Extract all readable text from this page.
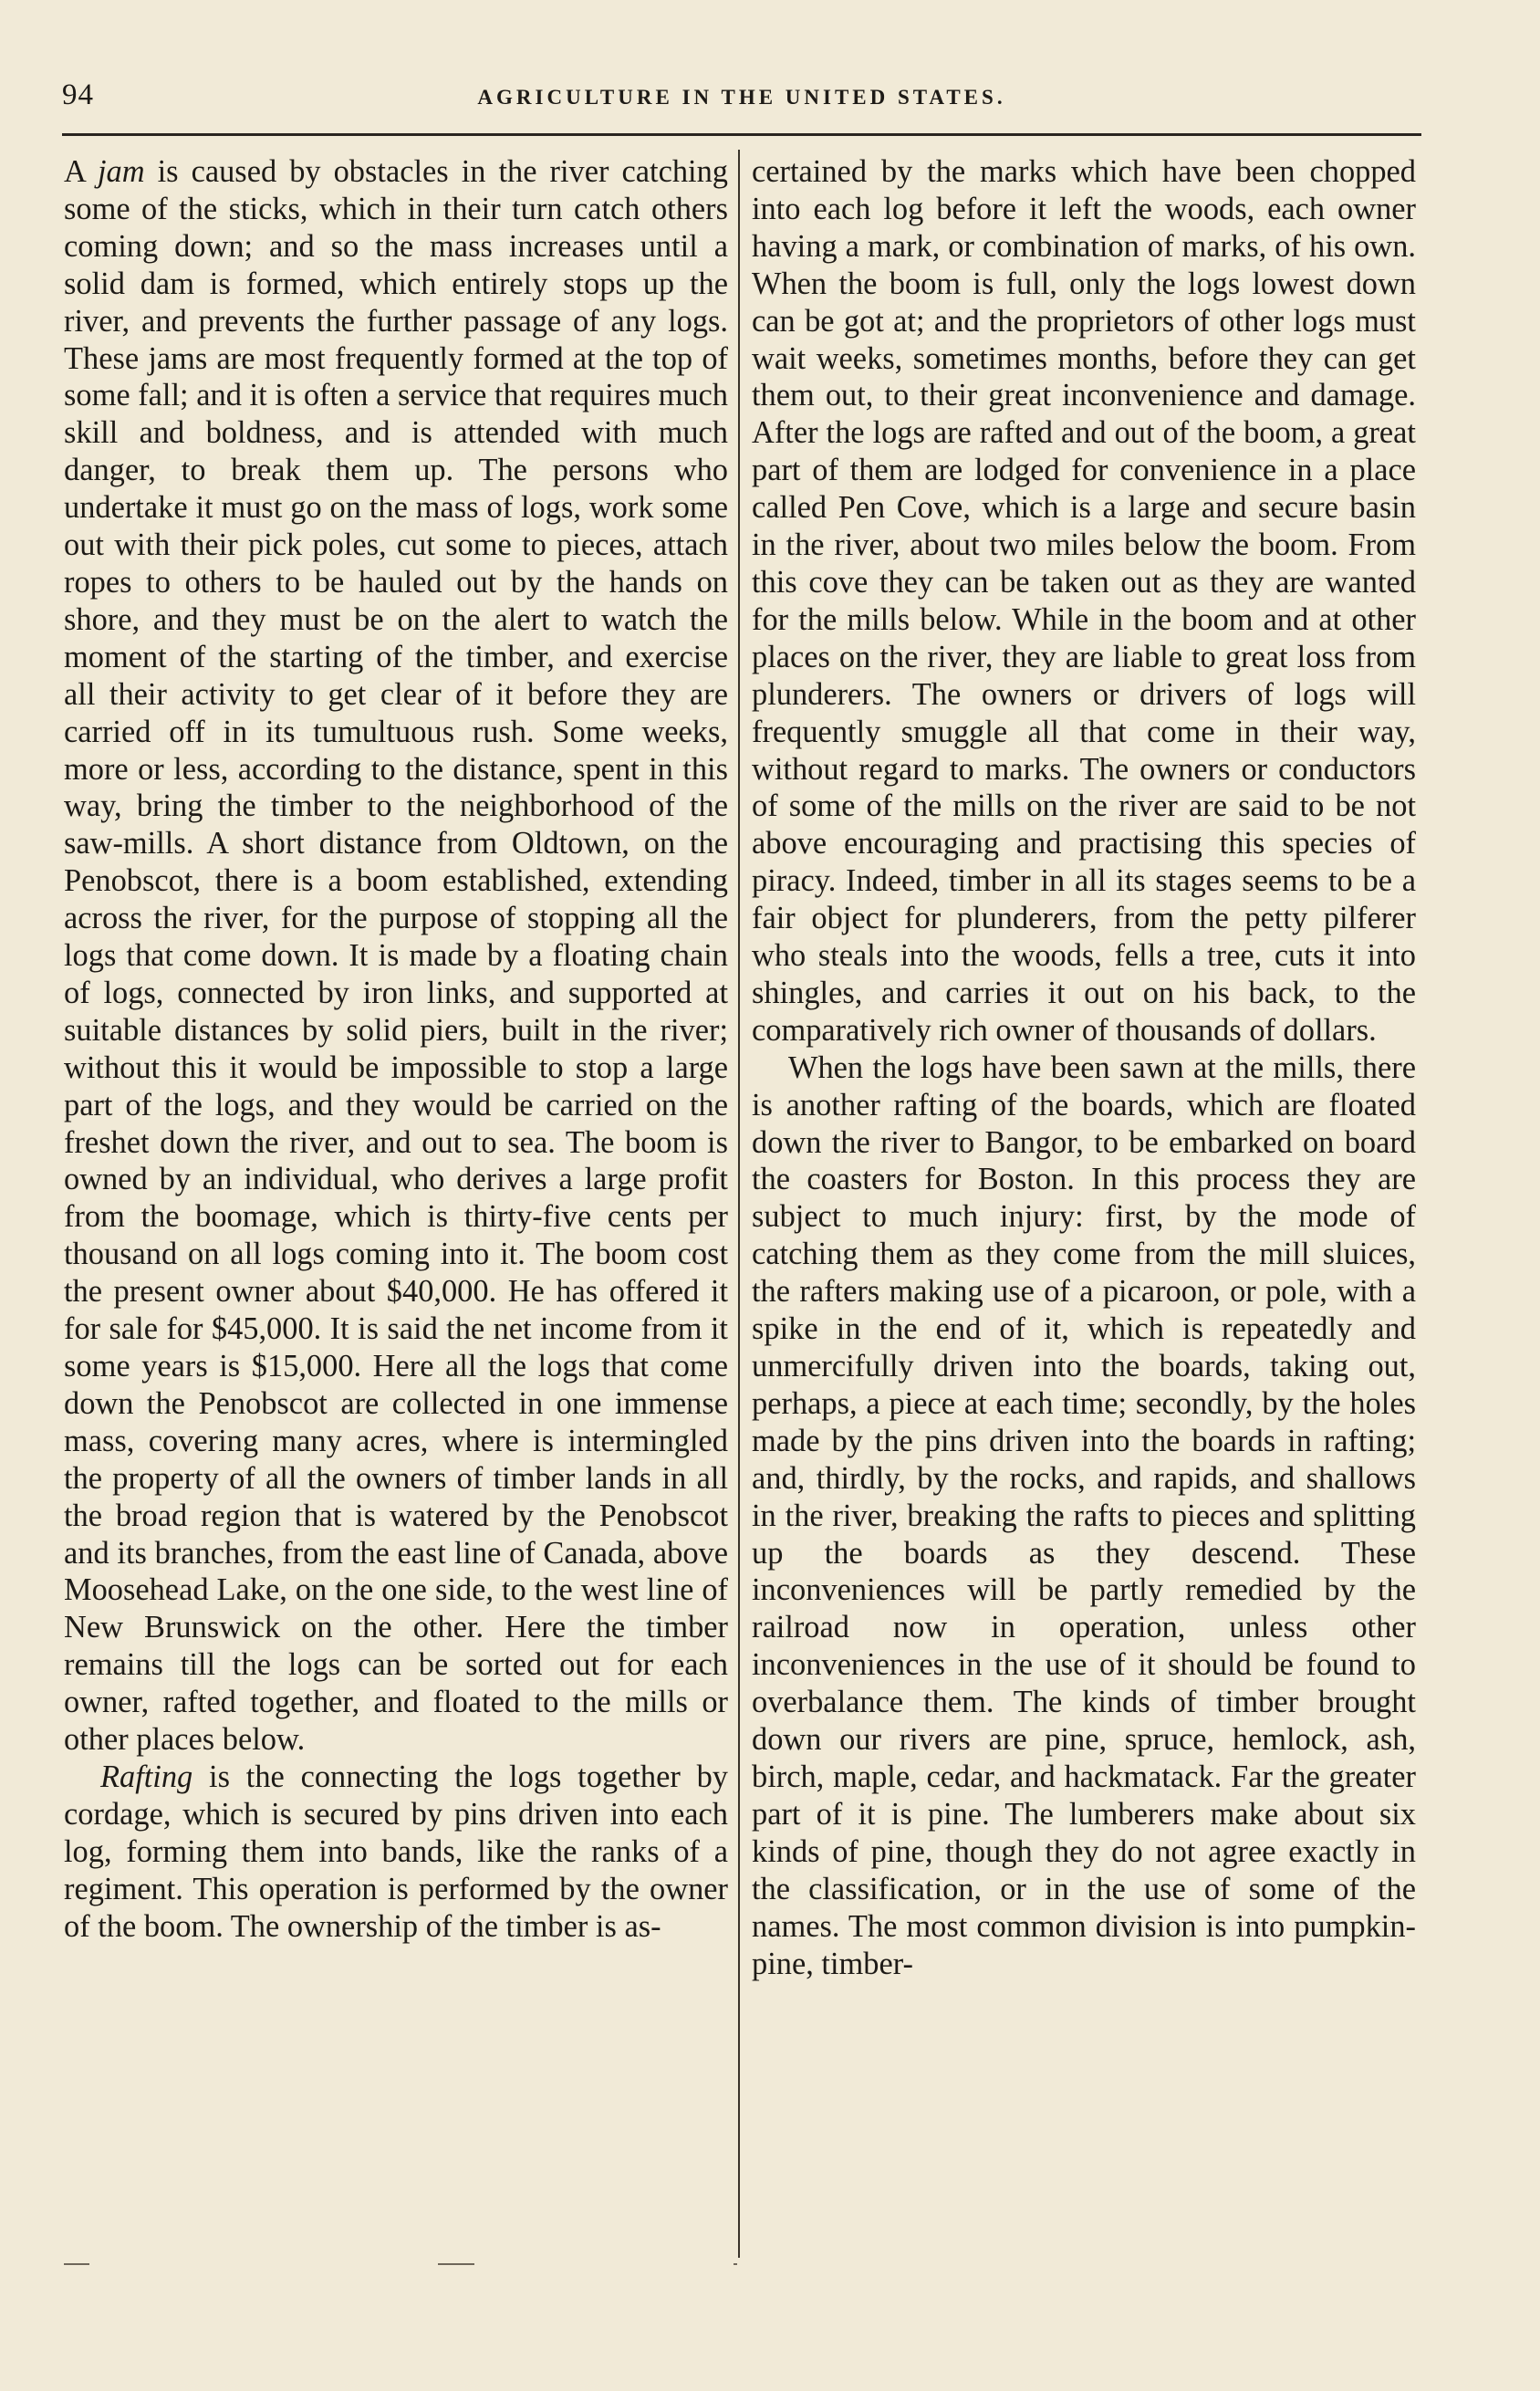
94	AGRICULTURE IN THE UNITED STATES.

A jam is caused by obstacles in the river catching some of the sticks, which in their turn catch others coming down; and so the mass increases until a solid dam is formed, which entirely stops up the river, and prevents the further passage of any logs. These jams are most frequently formed at the top of some fall; and it is often a service that requires much skill and boldness, and is attended with much danger, to break them up. The persons who undertake it must go on the mass of logs, work some out with their pick poles, cut some to pieces, attach ropes to others to be hauled out by the hands on shore, and they must be on the alert to watch the moment of the starting of the timber, and exercise all their activity to get clear of it before they are carried off in its tumultuous rush. Some weeks, more or less, according to the distance, spent in this way, bring the timber to the neighborhood of the saw-mills. A short distance from Oldtown, on the Penobscot, there is a boom established, extending across the river, for the purpose of stopping all the logs that come down. It is made by a floating chain of logs, connected by iron links, and supported at suitable distances by solid piers, built in the river; without this it would be impossible to stop a large part of the logs, and they would be carried on the freshet down the river, and out to sea. The boom is owned by an individual, who derives a large profit from the boomage, which is thirty-five cents per thousand on all logs coming into it. The boom cost the present owner about $40,000. He has offered it for sale for $45,000. It is said the net income from it some years is $15,000. Here all the logs that come down the Penobscot are collected in one immense mass, covering many acres, where is intermingled the property of all the owners of timber lands in all the broad region that is watered by the Penobscot and its branches, from the east line of Canada, above Moosehead Lake, on the one side, to the west line of New Brunswick on the other. Here the timber remains till the logs can be sorted out for each owner, rafted together, and floated to the mills or other places below.

Rafting is the connecting the logs together by cordage, which is secured by pins driven into each log, forming them into bands, like the ranks of a regiment. This operation is performed by the owner of the boom. The ownership of the timber is as-

certained by the marks which have been chopped into each log before it left the woods, each owner having a mark, or combination of marks, of his own. When the boom is full, only the logs lowest down can be got at; and the proprietors of other logs must wait weeks, sometimes months, before they can get them out, to their great inconvenience and damage. After the logs are rafted and out of the boom, a great part of them are lodged for convenience in a place called Pen Cove, which is a large and secure basin in the river, about two miles below the boom. From this cove they can be taken out as they are wanted for the mills below. While in the boom and at other places on the river, they are liable to great loss from plunderers. The owners or drivers of logs will frequently smuggle all that come in their way, without regard to marks. The owners or conductors of some of the mills on the river are said to be not above encouraging and practising this species of piracy. Indeed, timber in all its stages seems to be a fair object for plunderers, from the petty pilferer who steals into the woods, fells a tree, cuts it into shingles, and carries it out on his back, to the comparatively rich owner of thousands of dollars.

When the logs have been sawn at the mills, there is another rafting of the boards, which are floated down the river to Bangor, to be embarked on board the coasters for Boston. In this process they are subject to much injury: first, by the mode of catching them as they come from the mill sluices, the rafters making use of a picaroon, or pole, with a spike in the end of it, which is repeatedly and unmercifully driven into the boards, taking out, perhaps, a piece at each time; secondly, by the holes made by the pins driven into the boards in rafting; and, thirdly, by the rocks, and rapids, and shallows in the river, breaking the rafts to pieces and splitting up the boards as they descend. These inconveniences will be partly remedied by the railroad now in operation, unless other inconveniences in the use of it should be found to overbalance them. The kinds of timber brought down our rivers are pine, spruce, hemlock, ash, birch, maple, cedar, and hackmatack. Far the greater part of it is pine. The lumberers make about six kinds of pine, though they do not agree exactly in the classification, or in the use of some of the names. The most common division is into pumpkin-pine, timber-
